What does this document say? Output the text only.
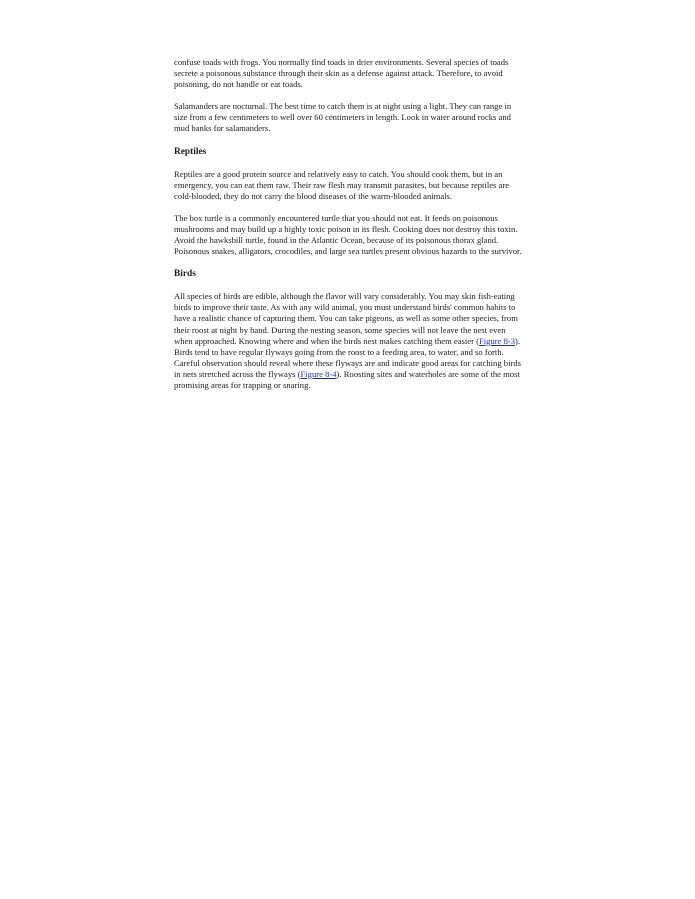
confuse toads with frogs. You normally find toads in drier environments. Several species of toads secrete a poisonous substance through their skin as a defense against attack. Therefore, to avoid poisoning, do not handle or eat toads.

Salamanders are nocturnal. The best time to catch them is at night using a light. They can range in size from a few centimeters to well over 60 centimeters in length. Look in water around rocks and mud banks for salamanders.

Reptiles

Reptiles are a good protein source and relatively easy to catch. You should cook them, but in an emergency, you can eat them raw. Their raw flesh may transmit parasites, but because reptiles are cold-blooded, they do not carry the blood diseases of the warm-blooded animals.

The box turtle is a commonly encountered turtle that you should not eat. It feeds on poisonous mushrooms and may build up a highly toxic poison in its flesh. Cooking does not destroy this toxin. Avoid the hawksbill turtle, found in the Atlantic Ocean, because of its poisonous thorax gland. Poisonous snakes, alligators, crocodiles, and large sea turtles present obvious hazards to the survivor.

Birds

All species of birds are edible, although the flavor will vary considerably. You may skin fish-eating birds to improve their taste. As with any wild animal, you must understand birds' common habits to have a realistic chance of capturing them. You can take pigeons, as well as some other species, from their roost at night by hand. During the nesting season, some species will not leave the nest even when approached. Knowing where and when the birds nest makes catching them easier (Figure 8-3). Birds tend to have regular flyways going from the roost to a feeding area, to water, and so forth. Careful observation should reveal where these flyways are and indicate good areas for catching birds in nets stretched across the flyways (Figure 8-4). Roosting sites and waterholes are some of the most promising areas for trapping or snaring.
